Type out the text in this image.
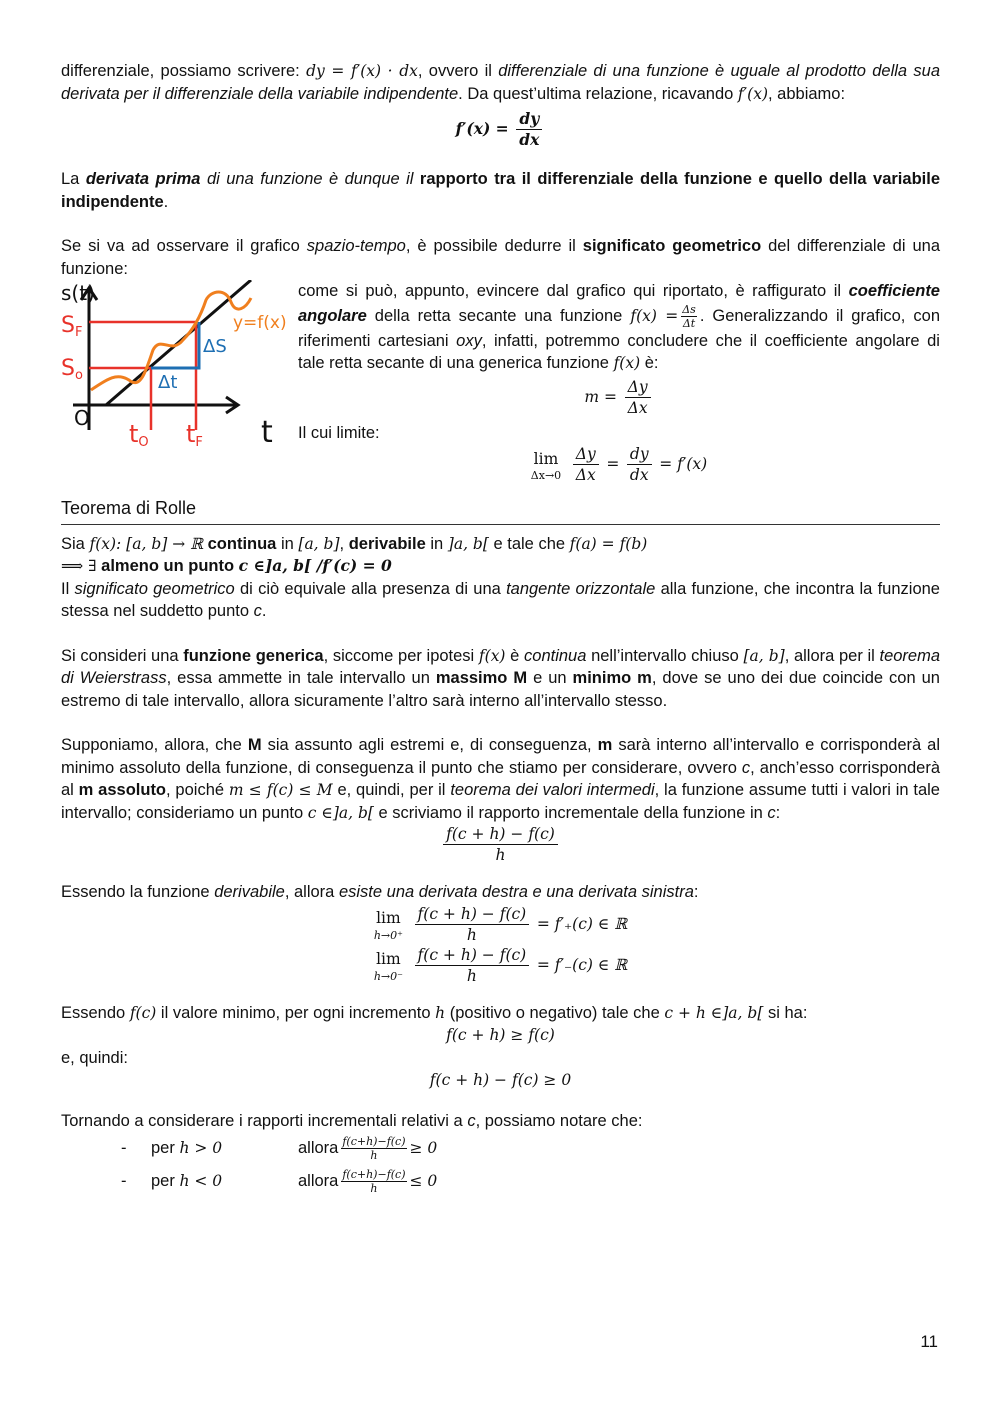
differenziale, possiamo scrivere: dy = f′(x) · dx, ovvero il differenziale di una funzione è uguale al prodotto della sua derivata per il differenziale della variabile indipendente. Da quest’ultima relazione, ricavando f′(x), abbiamo:

$f'(x) = \frac{dy}{dx}$

La derivata prima di una funzione è dunque il rapporto tra il differenziale della funzione e quello della variabile indipendente.

Se si va ad osservare il grafico spazio-tempo, è possibile dedurre il significato geometrico del differenziale di una funzione:

s(t)
SF
So
ΔS
Δt
O	t
tO tF
y=f(x)

come si può, appunto, evincere dal grafico qui riportato, è raffigurato il coefficiente angolare della retta secante una funzione $f(x) = \frac{\Delta s}{\Delta t}$ . Generalizzando il grafico, con riferimenti cartesiani oxy, infatti, potremmo concludere che il coefficiente angolare di tale retta secante di una generica funzione f(x) è:

$m = \frac{\Delta y}{\Delta x}$

Il cui limite:

lim
Δx→0
$\frac{\Delta y}{\Delta x} = \frac{dy}{dx} = f'(x)$
Teorema di Rolle

Sia f(x): [a, b] → ℝ continua in [a, b], derivabile in ]a, b[ e tale che f(a) = f(b)

⟹ ∃ almeno un punto c ∈]a, b[ /f′(c) = 0

Il significato geometrico di ciò equivale alla presenza di una tangente orizzontale alla funzione, che incontra la funzione stessa nel suddetto punto c.

Si consideri una funzione generica, siccome per ipotesi f(x) è continua nell’intervallo chiuso [a, b], allora per il teorema di Weierstrass, essa ammette in tale intervallo un massimo M e un minimo m, dove se uno dei due coincide con un estremo di tale intervallo, allora sicuramente l’altro sarà interno all’intervallo stesso.

Supponiamo, allora, che M sia assunto agli estremi e, di conseguenza, m sarà interno all’intervallo e corrisponderà al minimo assoluto della funzione, di conseguenza il punto che stiamo per considerare, ovvero c, anch’esso corrisponderà al m assoluto, poiché m ≤ f(c) ≤ M e, quindi, per il teorema dei valori intermedi, la funzione assume tutti i valori in tale intervallo; consideriamo un punto c ∈]a, b[ e scriviamo il rapporto incrementale della funzione in c:

$\frac{f(c + h) - f(c)}{h}$

Essendo la funzione derivabile, allora esiste una derivata destra e una derivata sinistra:

lim
h→0⁺
$\frac{f(c + h) - f(c)}{h} = f'_+(c)$ ∈ ℝ
lim
h→0⁻
$\frac{f(c + h) - f(c)}{h} = f'_-(c)$ ∈ ℝ

Essendo f(c) il valore minimo, per ogni incremento h (positivo o negativo) tale che c + h ∈]a, b[ si ha:

f(c + h) ≥ f(c)

e, quindi:

f(c + h) − f(c) ≥ 0

Tornando a considerare i rapporti incrementali relativi a c, possiamo notare che:

-	per h > 0	allora $\frac{f(c+h)-f(c)}{h} \ge 0$
-	per h < 0	allora $\frac{f(c+h)-f(c)}{h} \le 0$
11
